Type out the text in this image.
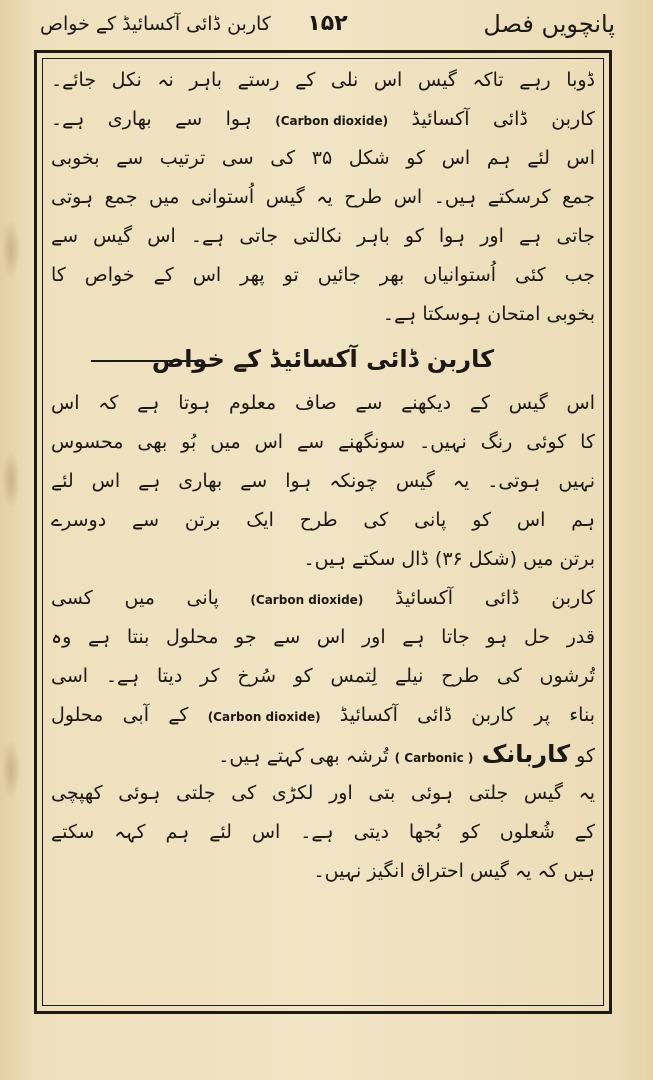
پانچویں فصل
۱۵۲
کاربن ڈائی آکسائیڈ کے خواص
ڈوبا رہے تاکہ گیس اس نلی کے رستے باہر نہ نکل جائے۔
کاربن ڈائی آکسائیڈ (Carbon dioxide) ہوا سے بھاری ہے۔
اس لئے ہم اس کو شکل ۳۵ کی سی ترتیب سے بخوبی
جمع کرسکتے ہیں۔ اس طرح یہ گیس اُستوانی میں جمع ہوتی
جاتی ہے اور ہوا کو باہر نکالتی جاتی ہے۔ اس گیس سے
جب کئی اُستوانیاں بھر جائیں تو پھر اس کے خواص کا
بخوبی امتحان ہوسکتا ہے۔
کاربن ڈائی آکسائیڈ کے خواص
اس گیس کے دیکھنے سے صاف معلوم ہوتا ہے کہ اس
کا کوئی رنگ نہیں۔ سونگھنے سے اس میں بُو بھی محسوس
نہیں ہوتی۔ یہ گیس چونکہ ہوا سے بھاری ہے اس لئے
ہم اس کو پانی کی طرح ایک برتن سے دوسرے
برتن میں (شکل ۳۶) ڈال سکتے ہیں۔
کاربن ڈائی آکسائیڈ (Carbon dioxide) پانی میں کسی
قدر حل ہو جاتا ہے اور اس سے جو محلول بنتا ہے وہ
تُرشوں کی طرح نیلے لِتمس کو سُرخ کر دیتا ہے۔ اسی
بناء پر کاربن ڈائی آکسائیڈ (Carbon dioxide) کے آبی محلول
کو کاربانک ( Carbonic ) تُرشہ بھی کہتے ہیں۔
یہ گیس جلتی ہوئی بتی اور لکڑی کی جلتی ہوئی کھپچی
کے شُعلوں کو بُجھا دیتی ہے۔ اس لئے ہم کہہ سکتے
ہیں کہ یہ گیس احتراق انگیز نہیں۔
